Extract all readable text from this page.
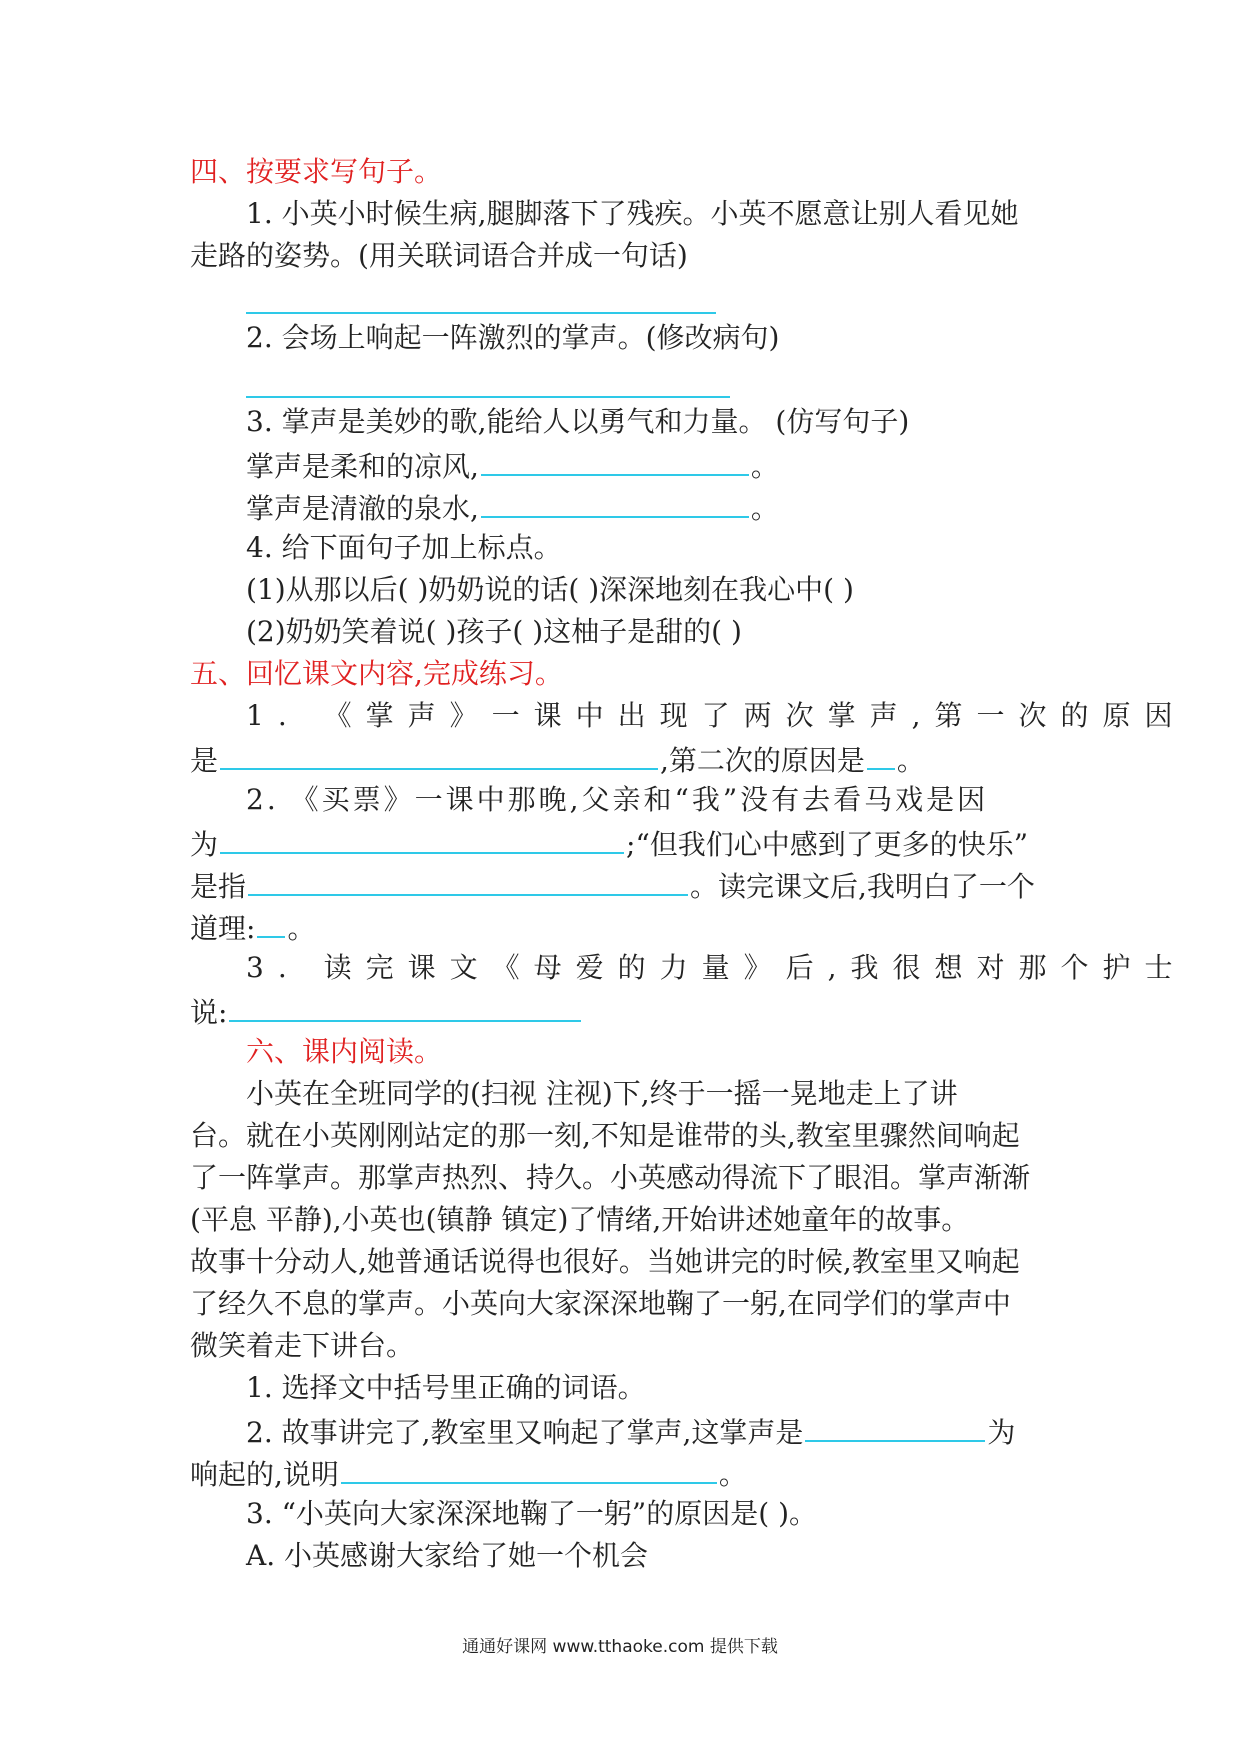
四、按要求写句子。
1. 小英小时候生病,腿脚落下了残疾。小英不愿意让别人看见她
走路的姿势。(用关联词语合并成一句话)
2. 会场上响起一阵激烈的掌声。(修改病句)
3. 掌声是美妙的歌,能给人以勇气和力量。 (仿写句子)
掌声是柔和的凉风,	。
掌声是清澈的泉水,	。
4. 给下面句子加上标点。
(1)从那以后( )奶奶说的话( )深深地刻在我心中( )
(2)奶奶笑着说( )孩子( )这柚子是甜的( )
五、回忆课文内容,完成练习。
1. 《掌声》一课中出现了两次掌声,第一次的原因
是	,第二次的原因是 。
2. 《买票》一课中那晚,父亲和“我”没有去看马戏是因
为	;“但我们心中感到了更多的快乐”
是指	。读完课文后,我明白了一个
道理: 。
3. 读完课文《母爱的力量》后,我很想对那个护士
说:
六、课内阅读。
小英在全班同学的(扫视 注视)下,终于一摇一晃地走上了讲
台。就在小英刚刚站定的那一刻,不知是谁带的头,教室里骤然间响起
了一阵掌声。那掌声热烈、持久。小英感动得流下了眼泪。掌声渐渐
(平息 平静),小英也(镇静 镇定)了情绪,开始讲述她童年的故事。
故事十分动人,她普通话说得也很好。当她讲完的时候,教室里又响起
了经久不息的掌声。小英向大家深深地鞠了一躬,在同学们的掌声中
微笑着走下讲台。
1. 选择文中括号里正确的词语。
2. 故事讲完了,教室里又响起了掌声,这掌声是	为
响起的,说明	。
3. “小英向大家深深地鞠了一躬”的原因是( )。
A. 小英感谢大家给了她一个机会
通通好课网 www.tthaoke.com 提供下载
